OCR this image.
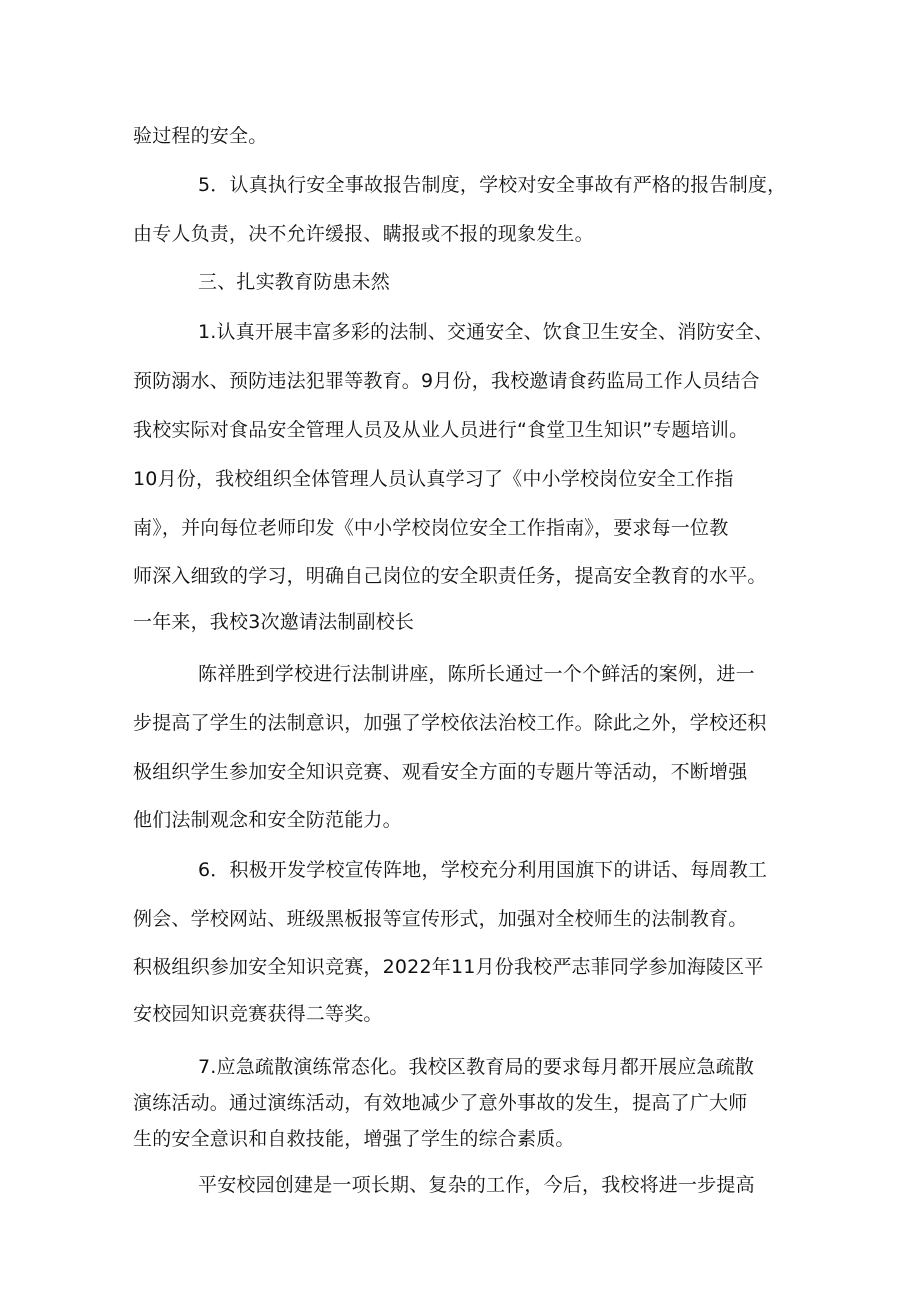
验过程的安全。
5．认真执行安全事故报告制度，学校对安全事故有严格的报告制度，
由专人负责，决不允许缓报、瞒报或不报的现象发生。
三、扎实教育防患未然
1.认真开展丰富多彩的法制、交通安全、饮食卫生安全、消防安全、
预防溺水、预防违法犯罪等教育。9月份，我校邀请食药监局工作人员结合
我校实际对食品安全管理人员及从业人员进行“食堂卫生知识”专题培训。
10月份，我校组织全体管理人员认真学习了《中小学校岗位安全工作指
南》，并向每位老师印发《中小学校岗位安全工作指南》，要求每一位教
师深入细致的学习，明确自己岗位的安全职责任务，提高安全教育的水平。
一年来，我校3次邀请法制副校长
陈祥胜到学校进行法制讲座，陈所长通过一个个鲜活的案例，进一
步提高了学生的法制意识，加强了学校依法治校工作。除此之外，学校还积
极组织学生参加安全知识竞赛、观看安全方面的专题片等活动，不断增强
他们法制观念和安全防范能力。
6．积极开发学校宣传阵地，学校充分利用国旗下的讲话、每周教工
例会、学校网站、班级黑板报等宣传形式，加强对全校师生的法制教育。
积极组织参加安全知识竞赛，2022年11月份我校严志菲同学参加海陵区平
安校园知识竞赛获得二等奖。
7.应急疏散演练常态化。我校区教育局的要求每月都开展应急疏散
演练活动。通过演练活动，有效地减少了意外事故的发生，提高了广大师
生的安全意识和自救技能，增强了学生的综合素质。
平安校园创建是一项长期、复杂的工作，今后，我校将进一步提高
